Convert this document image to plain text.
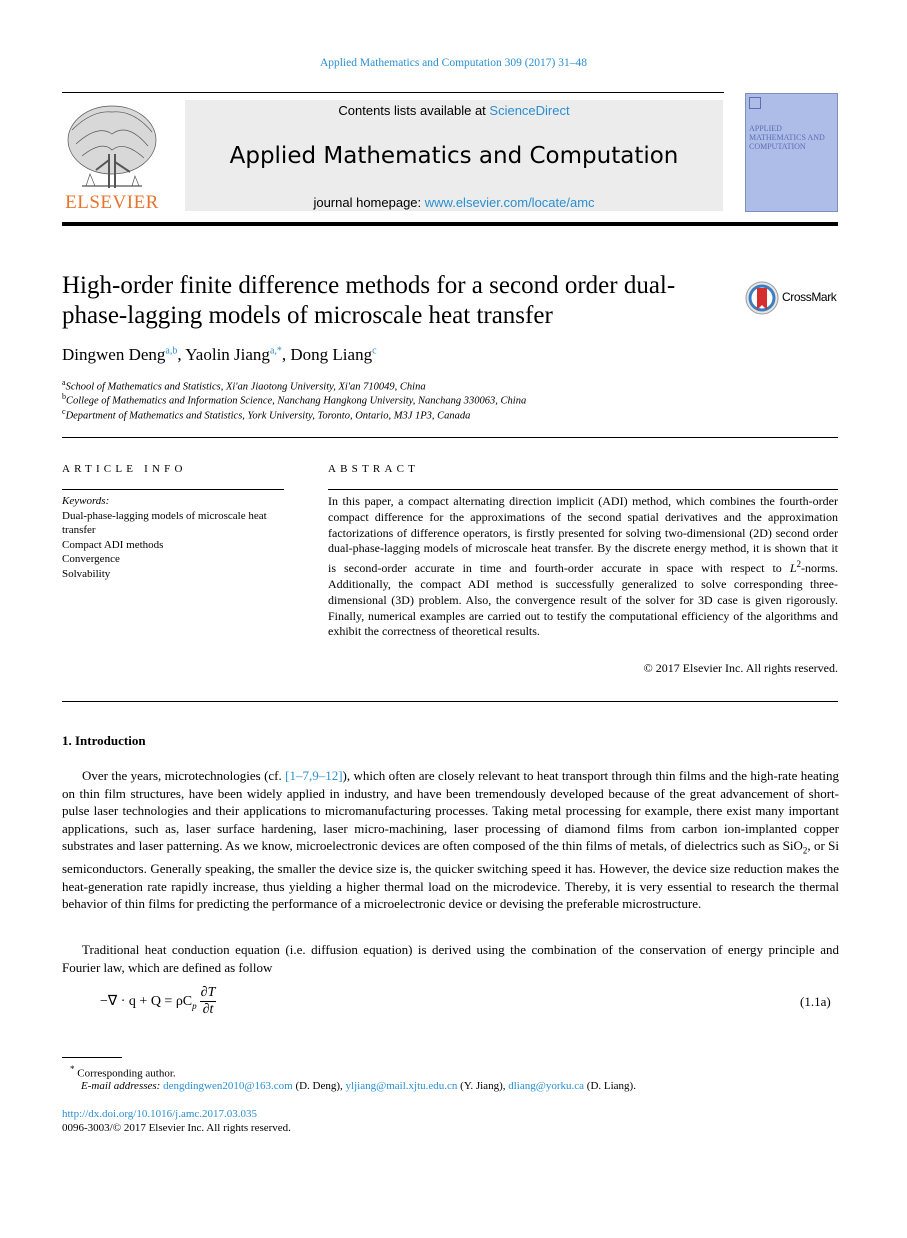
Applied Mathematics and Computation 309 (2017) 31–48
ELSEVIER
Contents lists available at ScienceDirect
Applied Mathematics and Computation
journal homepage: www.elsevier.com/locate/amc
APPLIED MATHEMATICS AND COMPUTATION
High-order finite difference methods for a second order dual-phase-lagging models of microscale heat transfer
CrossMark
Dingwen Deng$^{a,b}$, Yaolin Jiang$^{a,*}$, Dong Liang$^c$
$^a$School of Mathematics and Statistics, Xi'an Jiaotong University, Xi'an 710049, China
$^b$College of Mathematics and Information Science, Nanchang Hangkong University, Nanchang 330063, China
$^c$Department of Mathematics and Statistics, York University, Toronto, Ontario, M3J 1P3, Canada
ARTICLE INFO
Keywords:
Dual-phase-lagging models of microscale heat transfer
Compact ADI methods
Convergence
Solvability
ABSTRACT
In this paper, a compact alternating direction implicit (ADI) method, which combines the fourth-order compact difference for the approximations of the second spatial derivatives and the approximation factorizations of difference operators, is firstly presented for solving two-dimensional (2D) second order dual-phase-lagging models of microscale heat transfer. By the discrete energy method, it is shown that it is second-order accurate in time and fourth-order accurate in space with respect to $L^2$-norms. Additionally, the compact ADI method is successfully generalized to solve corresponding three-dimensional (3D) problem. Also, the convergence result of the solver for 3D case is given rigorously. Finally, numerical examples are carried out to testify the computational efficiency of the algorithms and exhibit the correctness of theoretical results.
© 2017 Elsevier Inc. All rights reserved.
1. Introduction
Over the years, microtechnologies (cf. [1–7,9–12]), which often are closely relevant to heat transport through thin films and the high-rate heating on thin film structures, have been widely applied in industry, and have been tremendously developed because of the great advancement of short-pulse laser technologies and their applications to micromanufacturing processes. Taking metal processing for example, there exist many important applications, such as, laser surface hardening, laser micro-machining, laser processing of diamond films from carbon ion-implanted copper substrates and laser patterning. As we know, microelectronic devices are often composed of the thin films of metals, of dielectrics such as SiO$_2$, or Si semiconductors. Generally speaking, the smaller the device size is, the quicker switching speed it has. However, the device size reduction makes the heat-generation rate rapidly increase, thus yielding a higher thermal load on the microdevice. Thereby, it is very essential to research the thermal behavior of thin films for predicting the performance of a microelectronic device or devising the preferable microstructure.
Traditional heat conduction equation (i.e. diffusion equation) is derived using the combination of the conservation of energy principle and Fourier law, which are defined as follow
−∇ · $q + Q = \rho C_p$	
∂T
∂t
(1.1a)
* Corresponding author.
E-mail addresses: dengdingwen2010@163.com (D. Deng), yljiang@mail.xjtu.edu.cn (Y. Jiang), dliang@yorku.ca (D. Liang).
http://dx.doi.org/10.1016/j.amc.2017.03.035
0096-3003/© 2017 Elsevier Inc. All rights reserved.
